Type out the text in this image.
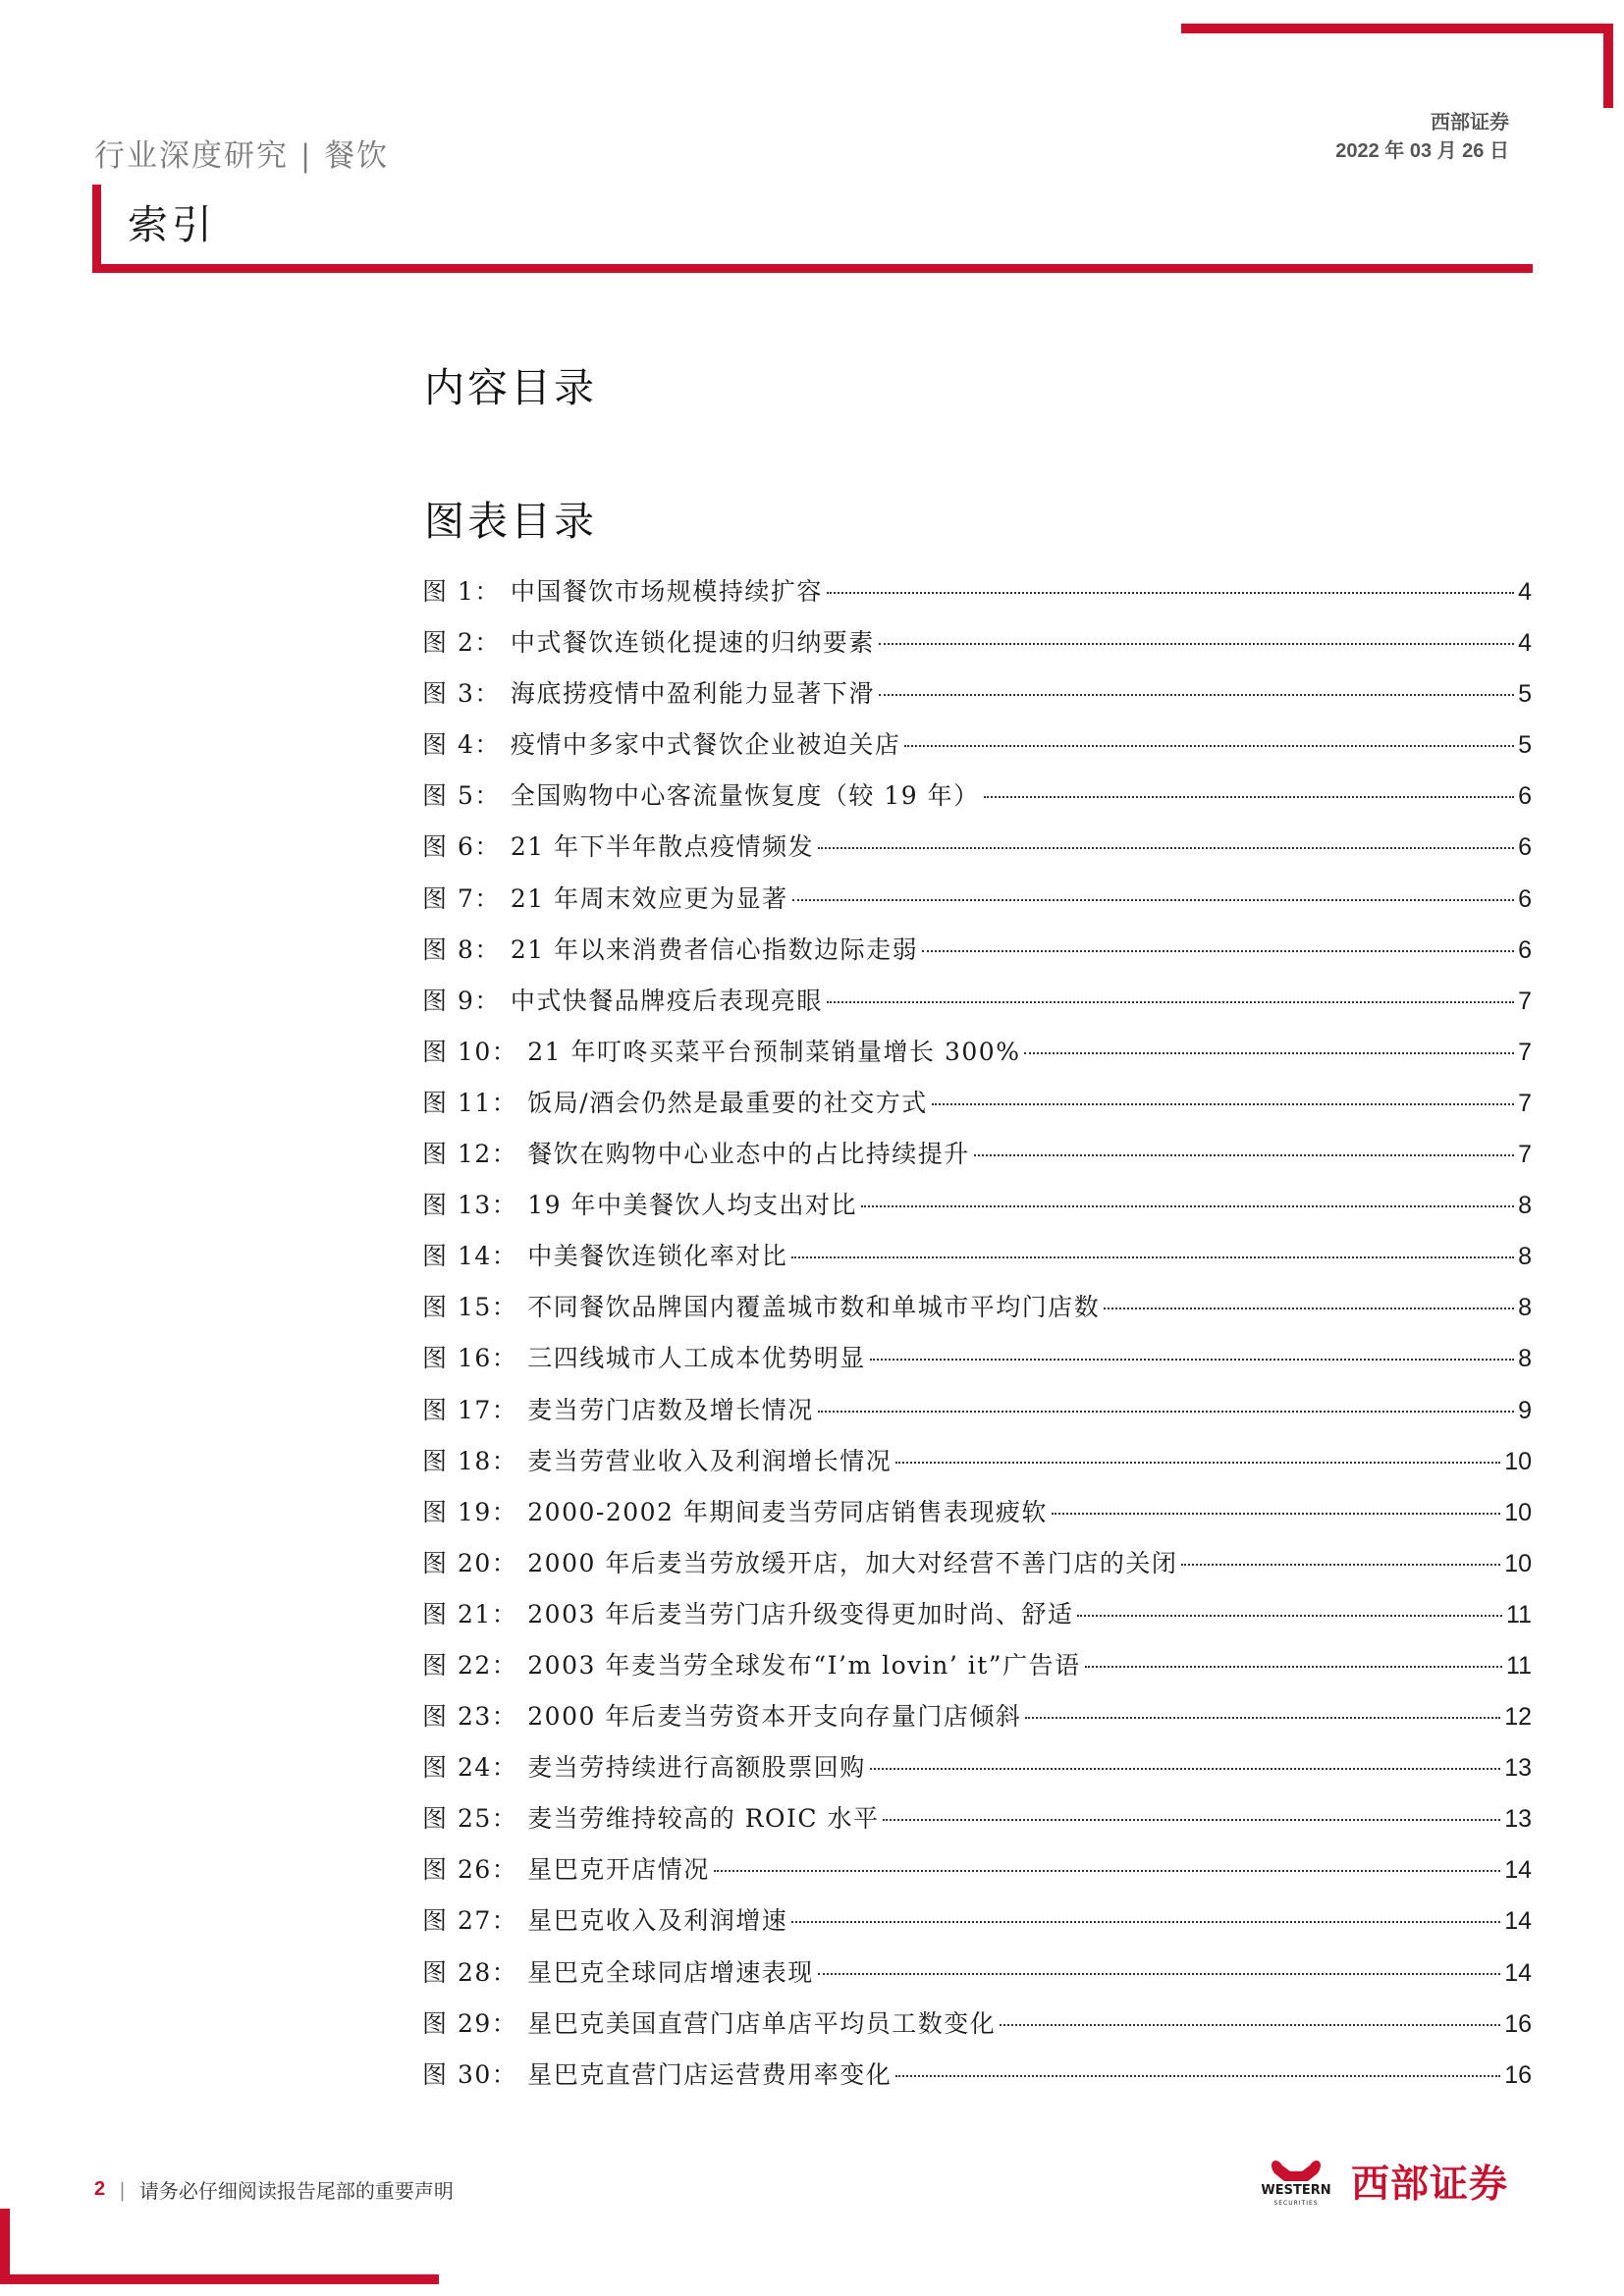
行业深度研究 | 餐饮
西部证券
2022 年 03 月 26 日
索引
内容目录
图表目录
图 1： 中国餐饮市场规模持续扩容	4
图 2： 中式餐饮连锁化提速的归纳要素	4
图 3： 海底捞疫情中盈利能力显著下滑	5
图 4： 疫情中多家中式餐饮企业被迫关店	5
图 5： 全国购物中心客流量恢复度（较 19 年）	6
图 6： 21 年下半年散点疫情频发	6
图 7： 21 年周末效应更为显著	6
图 8： 21 年以来消费者信心指数边际走弱	6
图 9： 中式快餐品牌疫后表现亮眼	7
图 10： 21 年叮咚买菜平台预制菜销量增长 300%	7
图 11： 饭局/酒会仍然是最重要的社交方式	7
图 12： 餐饮在购物中心业态中的占比持续提升	7
图 13： 19 年中美餐饮人均支出对比	8
图 14： 中美餐饮连锁化率对比	8
图 15： 不同餐饮品牌国内覆盖城市数和单城市平均门店数	8
图 16： 三四线城市人工成本优势明显	8
图 17： 麦当劳门店数及增长情况	9
图 18： 麦当劳营业收入及利润增长情况	10
图 19： 2000-2002 年期间麦当劳同店销售表现疲软	10
图 20： 2000 年后麦当劳放缓开店，加大对经营不善门店的关闭	10
图 21： 2003 年后麦当劳门店升级变得更加时尚、舒适	11
图 22： 2003 年麦当劳全球发布“I’m lovin’ it”广告语	11
图 23： 2000 年后麦当劳资本开支向存量门店倾斜	12
图 24： 麦当劳持续进行高额股票回购	13
图 25： 麦当劳维持较高的 ROIC 水平	13
图 26： 星巴克开店情况	14
图 27： 星巴克收入及利润增速	14
图 28： 星巴克全球同店增速表现	14
图 29： 星巴克美国直营门店单店平均员工数变化	16
图 30： 星巴克直营门店运营费用率变化	16
2 | 请务必仔细阅读报告尾部的重要声明	WESTERN
SECURITIES 西部证券
